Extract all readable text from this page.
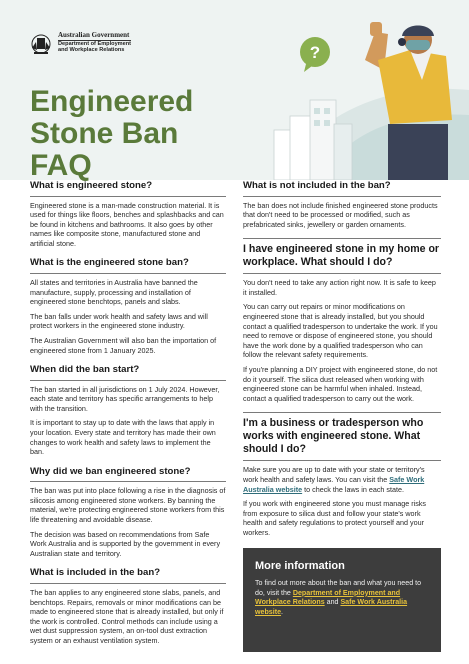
Australian Government
Department of Employment
and Workplace Relations
Engineered
Stone Ban FAQ
?
What is engineered stone?

Engineered stone is a man-made construction material. It is used for things like floors, benches and splashbacks and can be found in kitchens and bathrooms. It also goes by other names like composite stone, manufactured stone and artificial stone.

What is the engineered stone ban?

All states and territories in Australia have banned the manufacture, supply, processing and installation of engineered stone benchtops, panels and slabs.

The ban falls under work health and safety laws and will protect workers in the engineered stone industry.

The Australian Government will also ban the importation of engineered stone from 1 January 2025.

When did the ban start?

The ban started in all jurisdictions on 1 July 2024. However, each state and territory has specific arrangements to help with the transition.

It is important to stay up to date with the laws that apply in your location. Every state and territory has made their own changes to work health and safety laws to implement the ban.

Why did we ban engineered stone?

The ban was put into place following a rise in the diagnosis of silicosis among engineered stone workers. By banning the material, we're protecting engineered stone workers from this life threatening and avoidable disease.

The decision was based on recommendations from Safe Work Australia and is supported by the government in every Australian state and territory.

What is included in the ban?

The ban applies to any engineered stone slabs, panels, and benchtops. Repairs, removals or minor modifications can be made to engineered stone that is already installed, but only if the work is controlled. Control methods can include using a wet dust suppression system, an on-tool dust extraction system or an exhaust ventilation system.

What is not included in the ban?

The ban does not include finished engineered stone products that don't need to be processed or modified, such as prefabricated sinks, jewellery or garden ornaments.

I have engineered stone in my home or workplace. What should I do?

You don't need to take any action right now. It is safe to keep it installed.

You can carry out repairs or minor modifications on engineered stone that is already installed, but you should contact a qualified tradesperson to undertake the work. If you need to remove or dispose of engineered stone, you should have the work done by a qualified tradesperson who can follow the relevant safety requirements.

If you're planning a DIY project with engineered stone, do not do it yourself. The silica dust released when working with engineered stone can be harmful when inhaled. Instead, contact a qualified tradesperson to carry out the work.

I'm a business or tradesperson who works with engineered stone. What should I do?

Make sure you are up to date with your state or territory's work health and safety laws. You can visit the Safe Work Australia website to check the laws in each state.

If you work with engineered stone you must manage risks from exposure to silica dust and follow your state's work health and safety regulations to protect yourself and your workers.

More information

To find out more about the ban and what you need to do, visit the Department of Employment and Workplace Relations and Safe Work Australia website.
